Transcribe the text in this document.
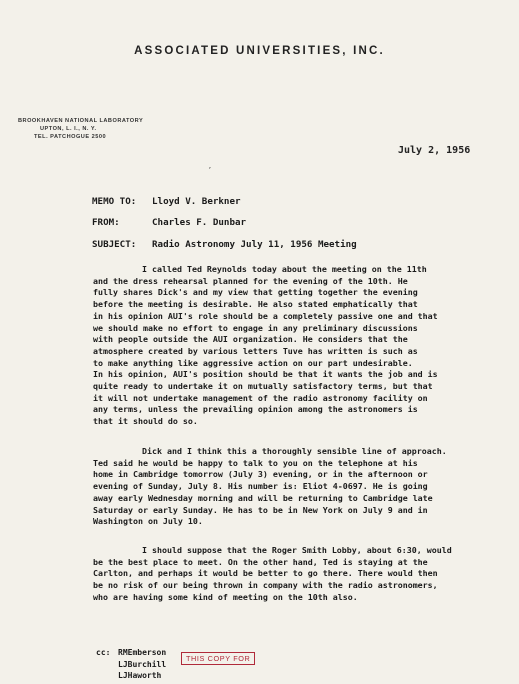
ASSOCIATED UNIVERSITIES, INC.
BROOKHAVEN NATIONAL LABORATORY
UPTON, L. I., N. Y.
TEL. PATCHOGUE 2500
July 2, 1956
’
MEMO TO: Lloyd V. Berkner
FROM:	Charles F. Dunbar
SUBJECT: Radio Astronomy July 11, 1956 Meeting
I called Ted Reynolds today about the meeting on the 11th
and the dress rehearsal planned for the evening of the 10th. He
fully shares Dick's and my view that getting together the evening
before the meeting is desirable. He also stated emphatically that
in his opinion AUI's role should be a completely passive one and that
we should make no effort to engage in any preliminary discussions
with people outside the AUI organization. He considers that the
atmosphere created by various letters Tuve has written is such as
to make anything like aggressive action on our part undesirable.
In his opinion, AUI's position should be that it wants the job and is
quite ready to undertake it on mutually satisfactory terms, but that
it will not undertake management of the radio astronomy facility on
any terms, unless the prevailing opinion among the astronomers is
that it should do so.
Dick and I think this a thoroughly sensible line of approach.
Ted said he would be happy to talk to you on the telephone at his
home in Cambridge tomorrow (July 3) evening, or in the afternoon or
evening of Sunday, July 8. His number is: Eliot 4-0697. He is going
away early Wednesday morning and will be returning to Cambridge late
Saturday or early Sunday. He has to be in New York on July 9 and in
Washington on July 10.
I should suppose that the Roger Smith Lobby, about 6:30, would
be the best place to meet. On the other hand, Ted is staying at the
Carlton, and perhaps it would be better to go there. There would then
be no risk of our being thrown in company with the radio astronomers,
who are having some kind of meeting on the 10th also.
cc: RMEmberson
LJBurchill
LJHaworth
THIS COPY FOR
